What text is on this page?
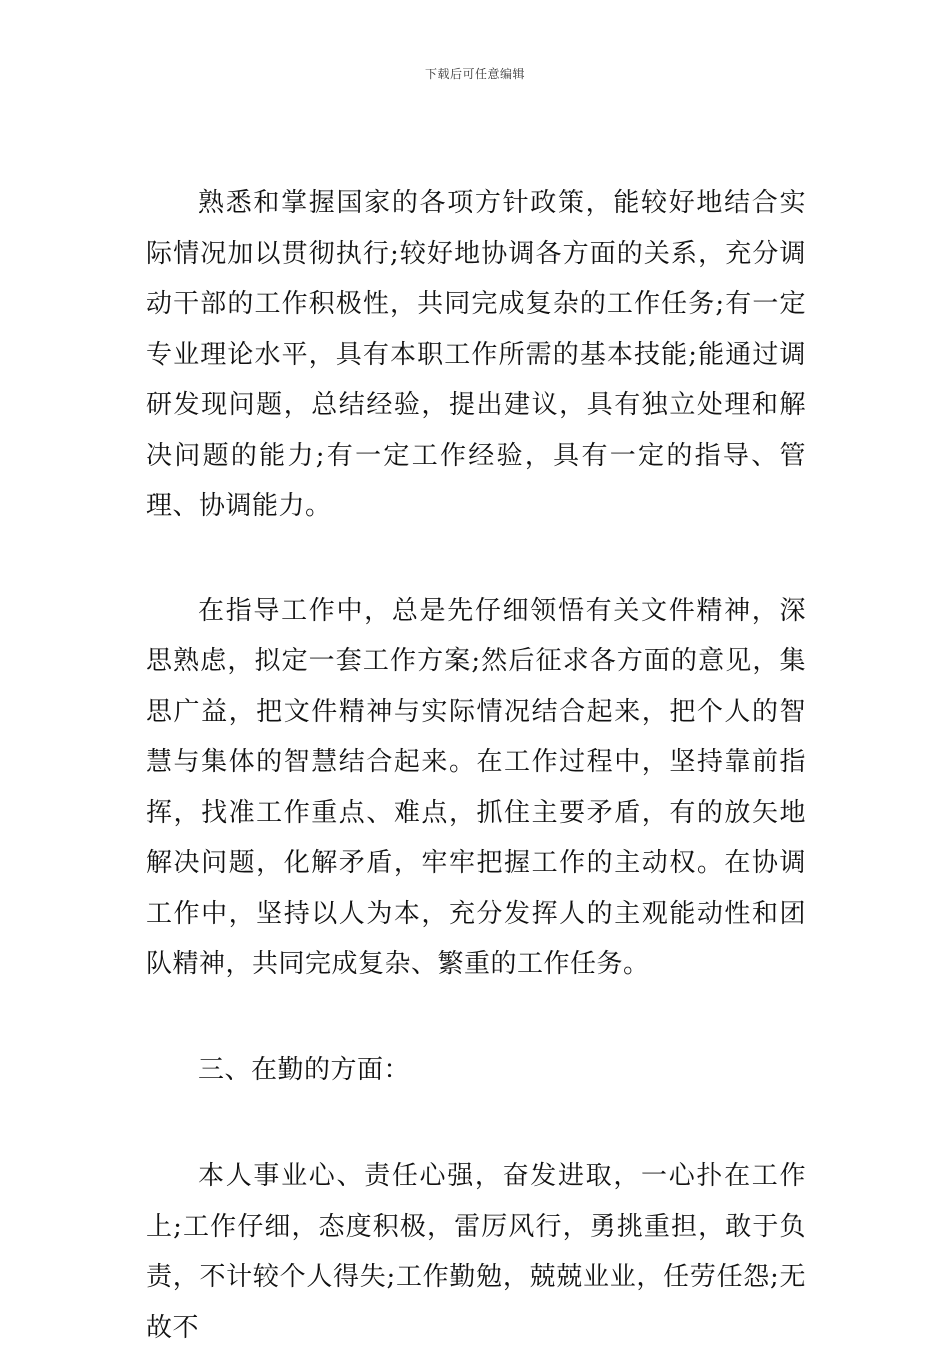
下载后可任意编辑

熟悉和掌握国家的各项方针政策，能较好地结合实际情况加以贯彻执行;较好地协调各方面的关系，充分调动干部的工作积极性，共同完成复杂的工作任务;有一定专业理论水平，具有本职工作所需的基本技能;能通过调研发现问题，总结经验，提出建议，具有独立处理和解决问题的能力;有一定工作经验，具有一定的指导、管理、协调能力。

在指导工作中，总是先仔细领悟有关文件精神，深思熟虑，拟定一套工作方案;然后征求各方面的意见，集思广益，把文件精神与实际情况结合起来，把个人的智慧与集体的智慧结合起来。在工作过程中，坚持靠前指挥，找准工作重点、难点，抓住主要矛盾，有的放矢地解决问题，化解矛盾，牢牢把握工作的主动权。在协调工作中，坚持以人为本，充分发挥人的主观能动性和团队精神，共同完成复杂、繁重的工作任务。

三、在勤的方面：

本人事业心、责任心强，奋发进取，一心扑在工作上;工作仔细，态度积极，雷厉风行，勇挑重担，敢于负责，不计较个人得失;工作勤勉，兢兢业业，任劳任怨;无故不
